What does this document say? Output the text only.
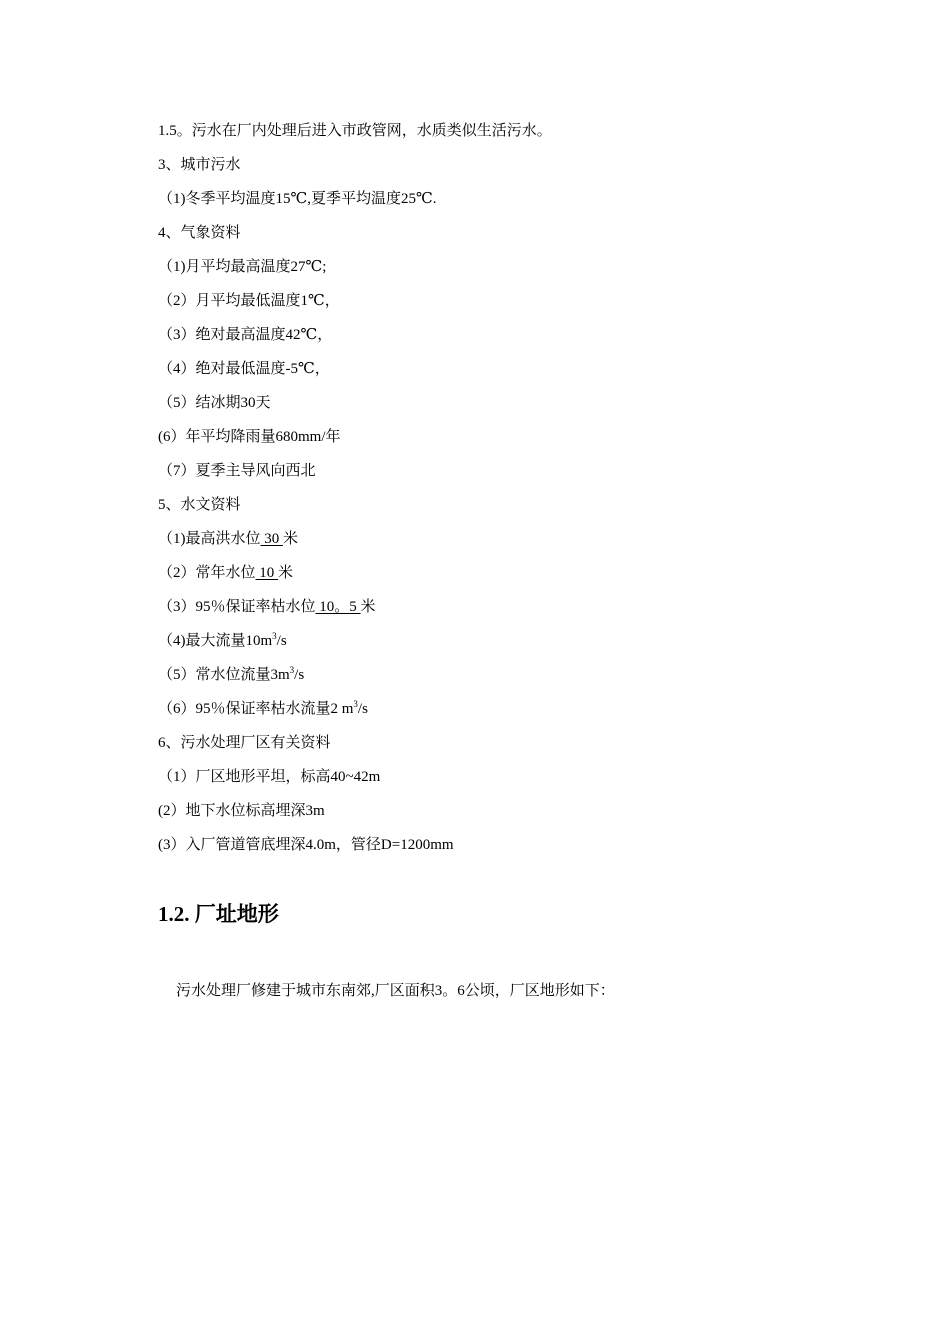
1.5。污水在厂内处理后进入市政管网，水质类似生活污水。
3、城市污水
（1)冬季平均温度15℃,夏季平均温度25℃.
4、气象资料
（1)月平均最高温度27℃;
（2）月平均最低温度1℃，
（3）绝对最高温度42℃，
（4）绝对最低温度-5℃，
（5）结冰期30天
(6）年平均降雨量680mm/年
（7）夏季主导风向西北
5、水文资料
（1)最高洪水位 30 米
（2）常年水位 10 米
（3）95％保证率枯水位 10。5 米
（4)最大流量$10m^3/s$
（5）常水位流量$3m^3/s$
（6）95％保证率枯水流量2 $m^3/s$
6、污水处理厂区有关资料
（1）厂区地形平坦，标高40~42m
(2）地下水位标高埋深3m
(3）入厂管道管底埋深4.0m，管径D=1200mm
1.2. 厂址地形
污水处理厂修建于城市东南郊,厂区面积3。6公顷，厂区地形如下：
